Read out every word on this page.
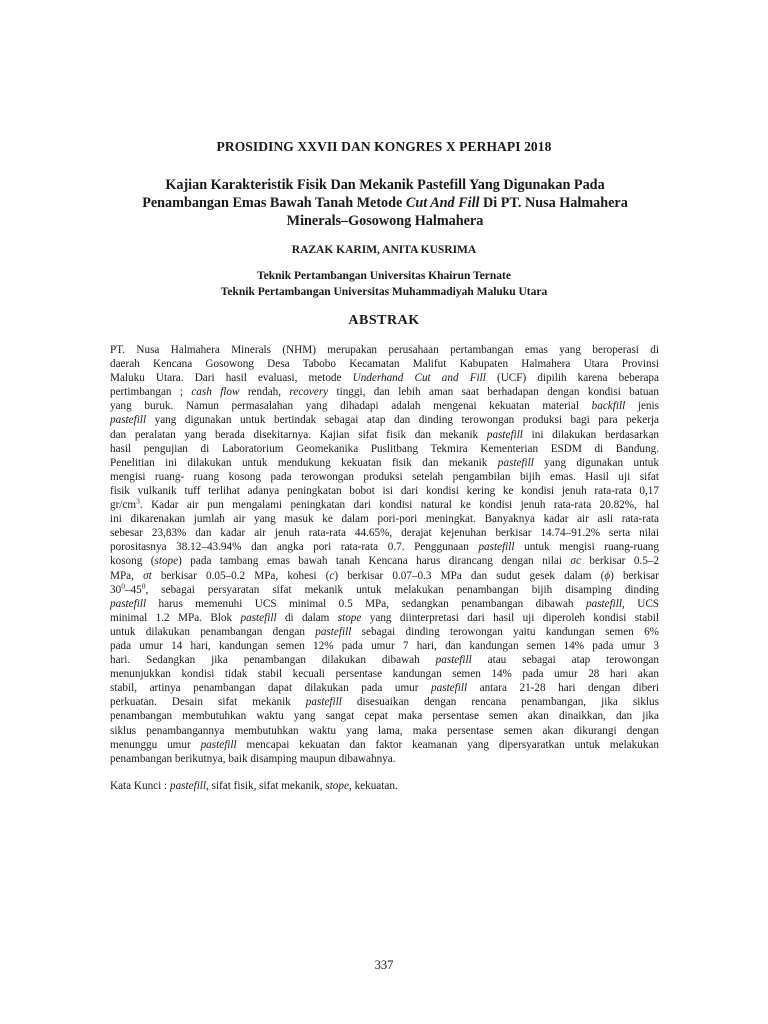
PROSIDING XXVII DAN KONGRES X PERHAPI 2018
Kajian Karakteristik Fisik Dan Mekanik Pastefill Yang Digunakan Pada
Penambangan Emas Bawah Tanah Metode Cut And Fill Di PT. Nusa Halmahera
Minerals–Gosowong Halmahera
RAZAK KARIM, ANITA KUSRIMA
Teknik Pertambangan Universitas Khairun Ternate
Teknik Pertambangan Universitas Muhammadiyah Maluku Utara
ABSTRAK
PT. Nusa Halmahera Minerals (NHM) merupakan perusahaan pertambangan emas yang beroperasi di
daerah Kencana Gosowong Desa Tabobo Kecamatan Malifut Kabupaten Halmahera Utara Provinsi
Maluku Utara. Dari hasil evaluasi, metode Underhand Cut and Fill (UCF) dipilih karena beberapa
pertimbangan ; cash flow rendah, recovery tinggi, dan lebih aman saat berhadapan dengan kondisi batuan
yang buruk. Namun permasalahan yang dihadapi adalah mengenai kekuatan material backfill jenis
pastefill yang digunakan untuk bertindak sebagai atap dan dinding terowongan produksi bagi para pekerja
dan peralatan yang berada disekitarnya. Kajian sifat fisik dan mekanik pastefill ini dilakukan berdasarkan
hasil pengujian di Laboratorium Geomekanika Puslitbang Tekmira Kementerian ESDM di Bandung.
Penelitian ini dilakukan untuk mendukung kekuatan fisik dan mekanik pastefill yang digunakan untuk
mengisi ruang- ruang kosong pada terowongan produksi setelah pengambilan bijih emas. Hasil uji sifat
fisik vulkanik tuff terlihat adanya peningkatan bobot isi dari kondisi kering ke kondisi jenuh rata-rata 0,17
$gr/cm^3$. Kadar air pun mengalami peningkatan dari kondisi natural ke kondisi jenuh rata-rata 20.82%, hal
ini dikarenakan jumlah air yang masuk ke dalam pori-pori meningkat. Banyaknya kadar air asli rata-rata
sebesar 23,83% dan kadar air jenuh rata-rata 44.65%, derajat kejenuhan berkisar 14.74–91.2% serta nilai
porositasnya 38.12–43.94% dan angka pori rata-rata 0.7. Penggunaan pastefill untuk mengisi ruang-ruang
kosong (stope) pada tambang emas bawah tanah Kencana harus dirancang dengan nilai σc berkisar 0.5–2
MPa, σt berkisar 0.05–0.2 MPa, kohesi (c) berkisar 0.07–0.3 MPa dan sudut gesek dalam (ϕ) berkisar
$30^0-45^0$, sebagai persyaratan sifat mekanik untuk melakukan penambangan bijih disamping dinding
pastefill harus memenuhi UCS minimal 0.5 MPa, sedangkan penambangan dibawah pastefill, UCS
minimal 1.2 MPa. Blok pastefill di dalam stope yang diinterpretasi dari hasil uji diperoleh kondisi stabil
untuk dilakukan penambangan dengan pastefill sebagai dinding terowongan yaitu kandungan semen 6%
pada umur 14 hari, kandungan semen 12% pada umur 7 hari, dan kandungan semen 14% pada umur 3
hari. Sedangkan jika penambangan dilakukan dibawah pastefill atau sebagai atap terowongan
menunjukkan kondisi tidak stabil kecuali persentase kandungan semen 14% pada umur 28 hari akan
stabil, artinya penambangan dapat dilakukan pada umur pastefill antara 21-28 hari dengan diberi
perkuatan. Desain sifat mekanik pastefill disesuaikan dengan rencana penambangan, jika siklus
penambangan membutuhkan waktu yang sangat cepat maka persentase semen akan dinaikkan, dan jika
siklus penambangannya membutuhkan waktu yang lama, maka persentase semen akan dikurangi dengan
menunggu umur pastefill mencapai kekuatan dan faktor keamanan yang dipersyaratkan untuk melakukan
penambangan berikutnya, baik disamping maupun dibawahnya.
Kata Kunci : pastefill, sifat fisik, sifat mekanik, stope, kekuatan.
337
